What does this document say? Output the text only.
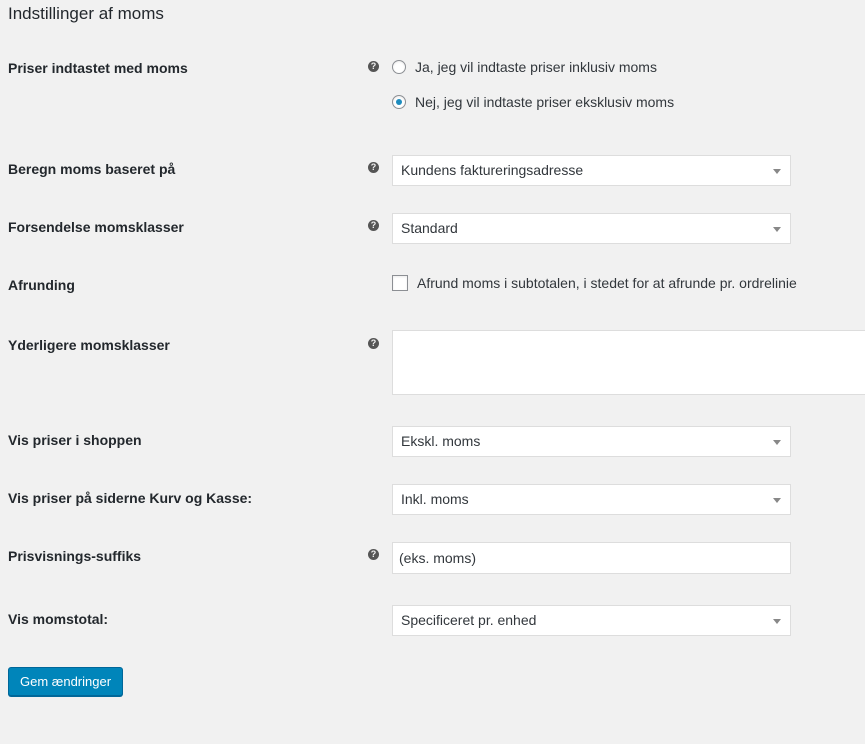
Indstillinger af moms
Priser indtastet med moms	?	Ja, jeg vil indtaste priser inklusiv moms
Nej, jeg vil indtaste priser eksklusiv moms
Beregn moms baseret på	?	Kundens faktureringsadresse
Forsendelse momsklasser	?	Standard
Afrunding	Afrund moms i subtotalen, i stedet for at afrunde pr. ordrelinie
Yderligere momsklasser	?
Vis priser i shoppen	Ekskl. moms
Vis priser på siderne Kurv og Kasse:	Inkl. moms
Prisvisnings-suffiks	?	(eks. moms)
Vis momstotal:	Specificeret pr. enhed
Gem ændringer
